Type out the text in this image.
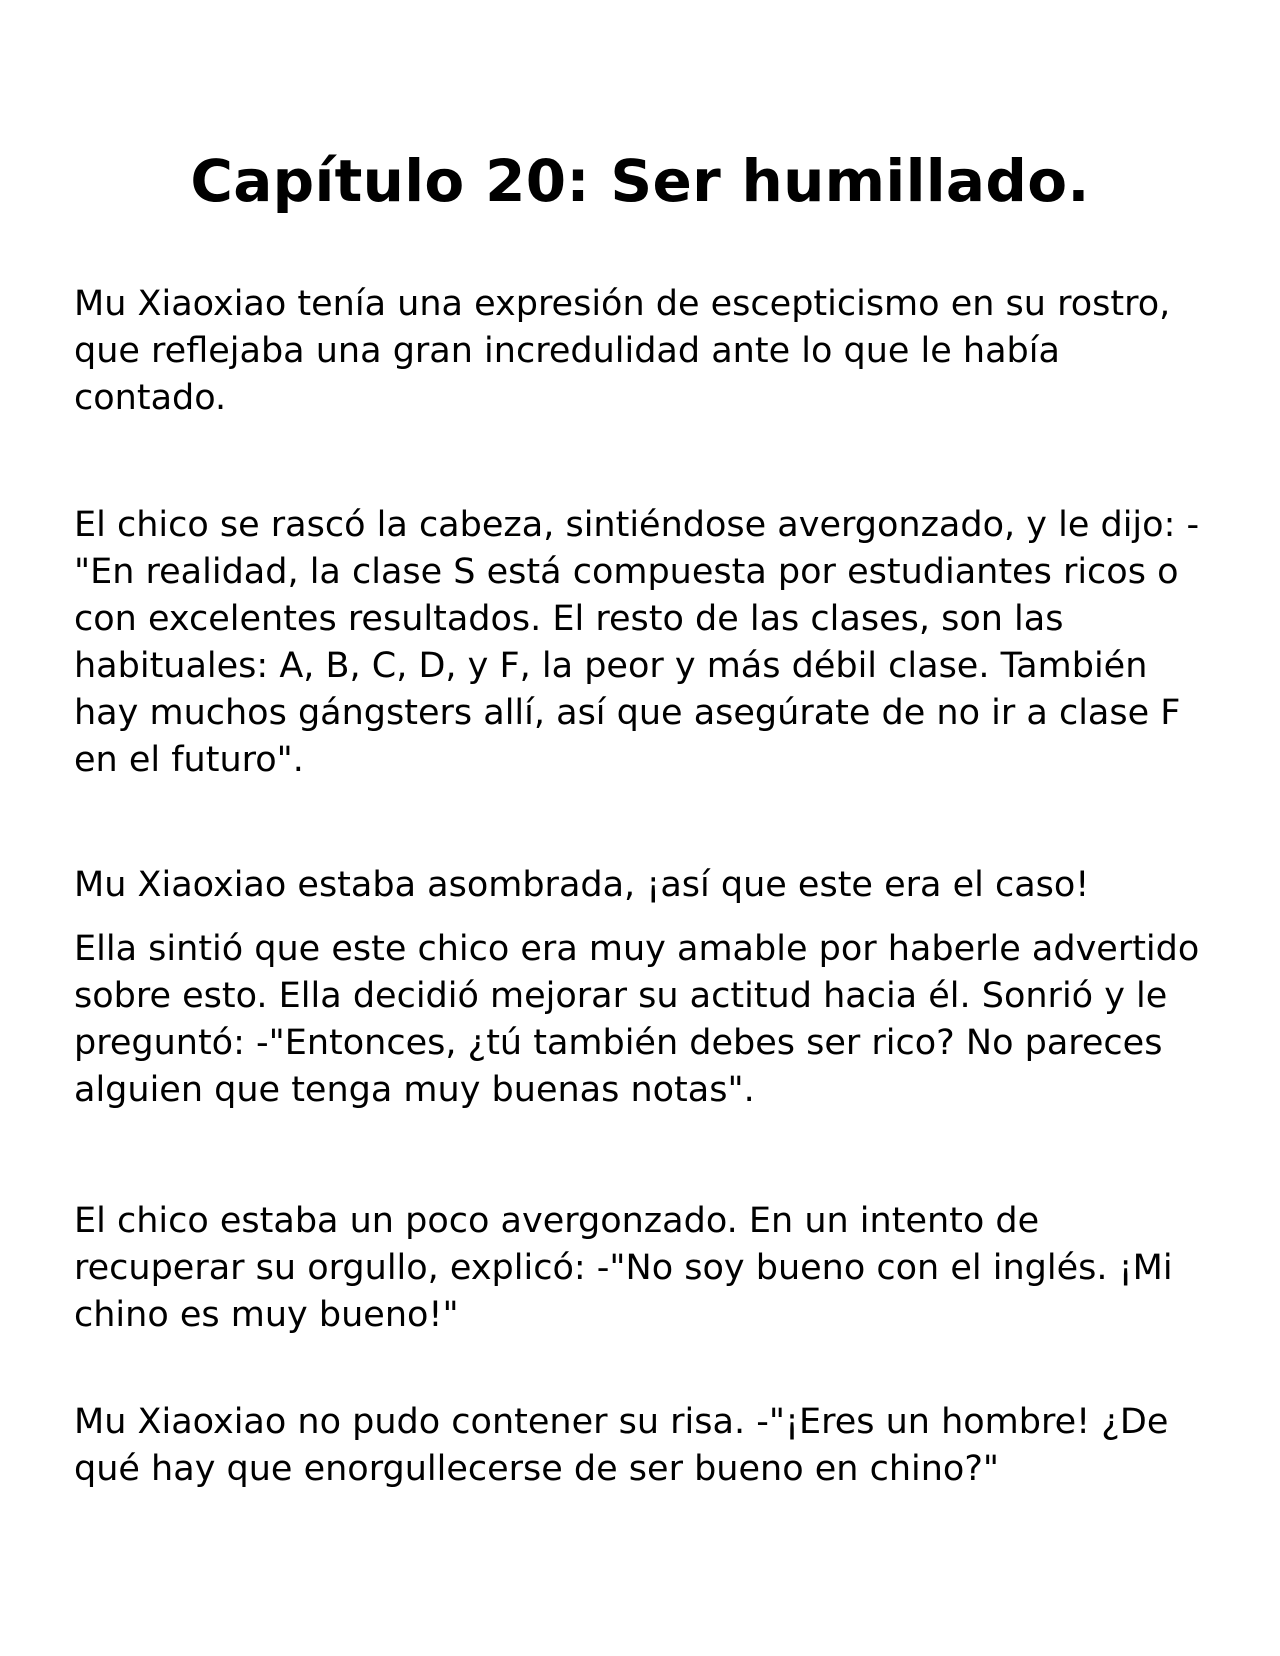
Capítulo 20: Ser humillado.

Mu Xiaoxiao tenía una expresión de escepticismo en su rostro, que reflejaba una gran incredulidad ante lo que le había contado.

El chico se rascó la cabeza, sintiéndose avergonzado, y le dijo: -"En realidad, la clase S está compuesta por estudiantes ricos o con excelentes resultados. El resto de las clases, son las habituales: A, B, C, D, y F, la peor y más débil clase. También hay muchos gángsters allí, así que asegúrate de no ir a clase F en el futuro".

Mu Xiaoxiao estaba asombrada, ¡así que este era el caso!

Ella sintió que este chico era muy amable por haberle advertido sobre esto. Ella decidió mejorar su actitud hacia él. Sonrió y le preguntó: -"Entonces, ¿tú también debes ser rico? No pareces alguien que tenga muy buenas notas".

El chico estaba un poco avergonzado. En un intento de recuperar su orgullo, explicó: -"No soy bueno con el inglés. ¡Mi chino es muy bueno!"

Mu Xiaoxiao no pudo contener su risa. -"¡Eres un hombre! ¿De qué hay que enorgullecerse de ser bueno en chino?"
